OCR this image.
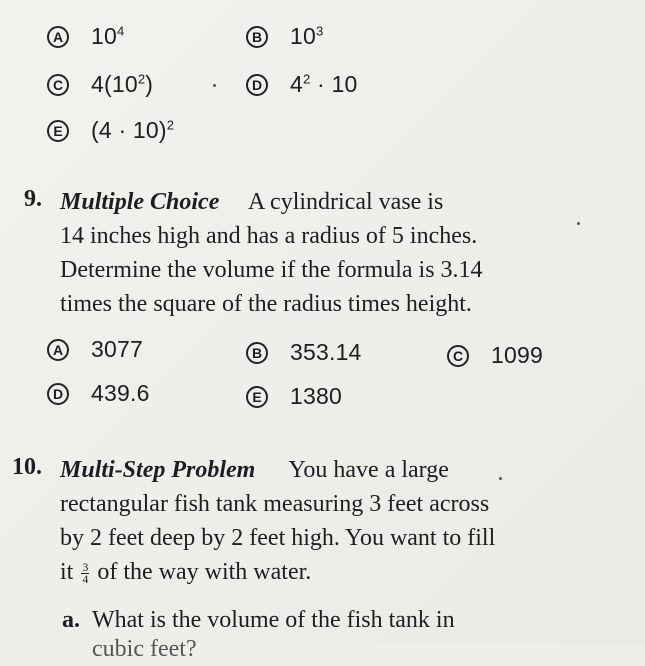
A $10^4$	B $10^3$
C $4(10^2)$	D $4^2 \cdot 10$
E $(4 \cdot 10)^2$
9. Multiple Choice A cylindrical vase is
14 inches high and has a radius of 5 inches.
Determine the volume if the formula is 3.14
times the square of the radius times height.
A 3077	B 353.14	C 1099
D 439.6	E 1380
10. Multi-Step Problem You have a large
rectangular fish tank measuring 3 feet across
by 2 feet deep by 2 feet high. You want to fill
it $\frac{3}{4}$ of the way with water.
a. What is the volume of the fish tank in
cubic feet?
